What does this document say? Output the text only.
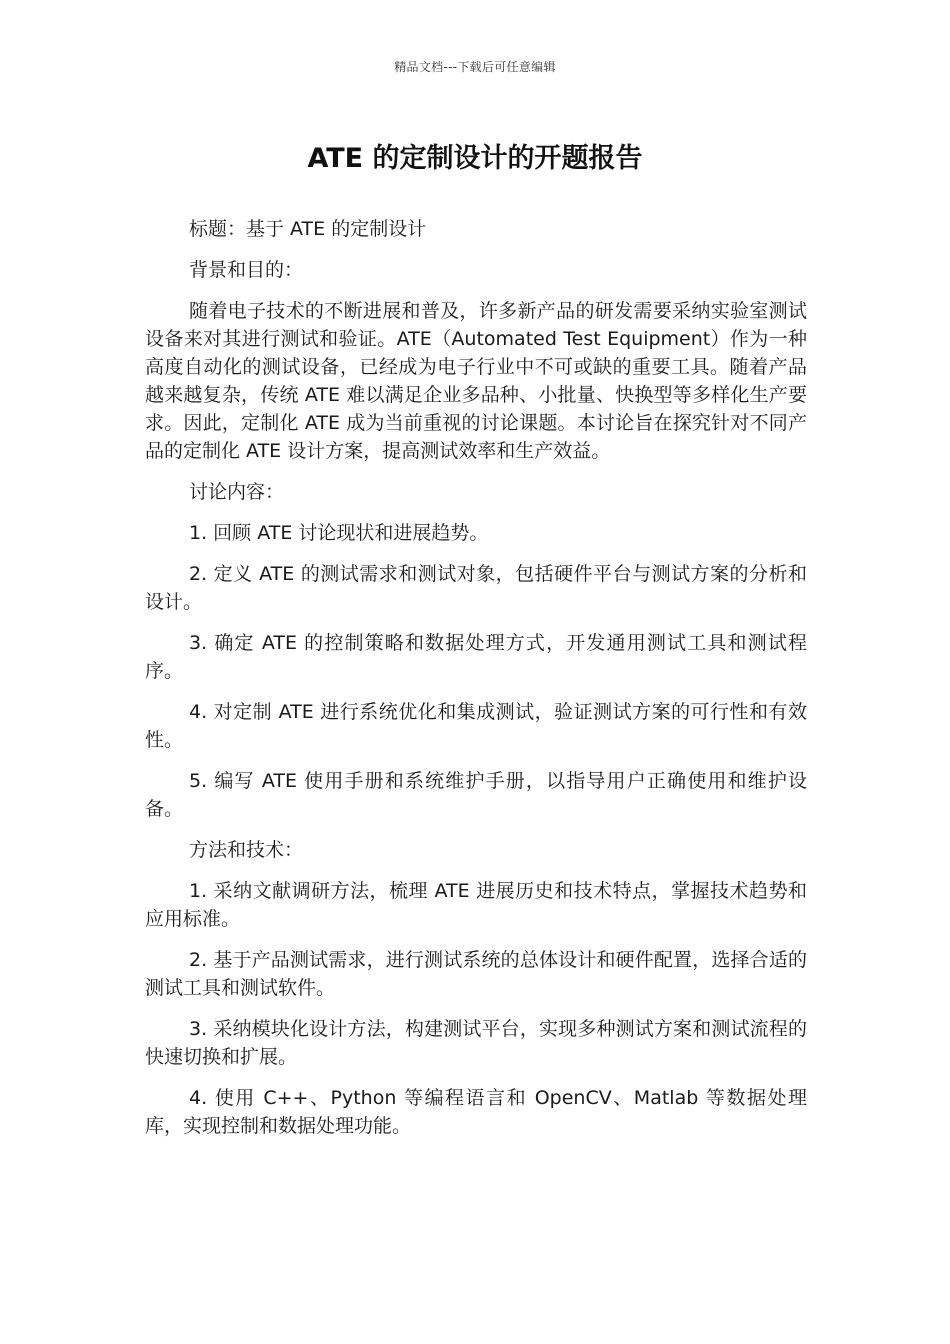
精品文档---下载后可任意编辑
ATE 的定制设计的开题报告

标题：基于 ATE 的定制设计

背景和目的：

随着电子技术的不断进展和普及，许多新产品的研发需要采纳实验室测试设备来对其进行测试和验证。ATE（Automated Test Equipment）作为一种高度自动化的测试设备，已经成为电子行业中不可或缺的重要工具。随着产品越来越复杂，传统 ATE 难以满足企业多品种、小批量、快换型等多样化生产要求。因此，定制化 ATE 成为当前重视的讨论课题。本讨论旨在探究针对不同产品的定制化 ATE 设计方案，提高测试效率和生产效益。

讨论内容：

1. 回顾 ATE 讨论现状和进展趋势。

2. 定义 ATE 的测试需求和测试对象，包括硬件平台与测试方案的分析和设计。

3. 确定 ATE 的控制策略和数据处理方式，开发通用测试工具和测试程序。

4. 对定制 ATE 进行系统优化和集成测试，验证测试方案的可行性和有效性。

5. 编写 ATE 使用手册和系统维护手册，以指导用户正确使用和维护设备。

方法和技术：

1. 采纳文献调研方法，梳理 ATE 进展历史和技术特点，掌握技术趋势和应用标准。

2. 基于产品测试需求，进行测试系统的总体设计和硬件配置，选择合适的测试工具和测试软件。

3. 采纳模块化设计方法，构建测试平台，实现多种测试方案和测试流程的快速切换和扩展。

4. 使用 C++、Python 等编程语言和 OpenCV、Matlab 等数据处理库，实现控制和数据处理功能。
